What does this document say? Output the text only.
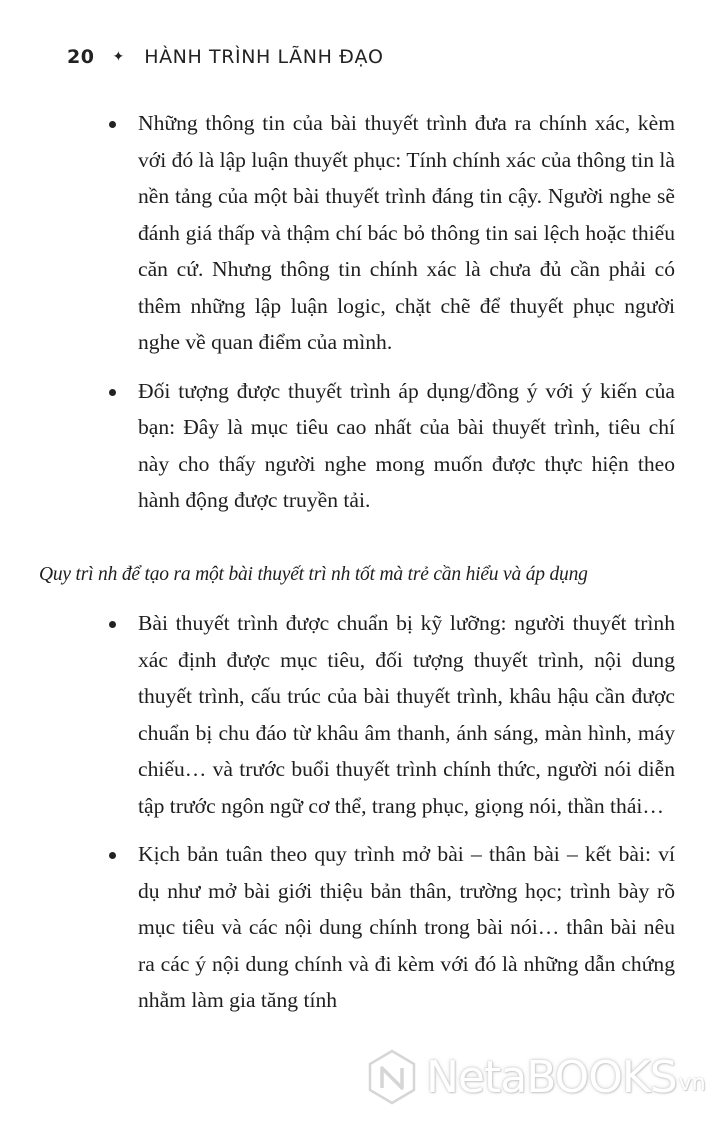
20 ✦ HÀNH TRÌNH LÃNH ĐẠO
Những thông tin của bài thuyết trình đưa ra chính xác, kèm với đó là lập luận thuyết phục: Tính chính xác của thông tin là nền tảng của một bài thuyết trình đáng tin cậy. Người nghe sẽ đánh giá thấp và thậm chí bác bỏ thông tin sai lệch hoặc thiếu căn cứ. Nhưng thông tin chính xác là chưa đủ cần phải có thêm những lập luận logic, chặt chẽ để thuyết phục người nghe về quan điểm của mình.
Đối tượng được thuyết trình áp dụng/đồng ý với ý kiến của bạn: Đây là mục tiêu cao nhất của bài thuyết trình, tiêu chí này cho thấy người nghe mong muốn được thực hiện theo hành động được truyền tải.
Quy trì nh để tạo ra một bài thuyết trì nh tốt mà trẻ cần hiểu và áp dụng
Bài thuyết trình được chuẩn bị kỹ lưỡng: người thuyết trình xác định được mục tiêu, đối tượng thuyết trình, nội dung thuyết trình, cấu trúc của bài thuyết trình, khâu hậu cần được chuẩn bị chu đáo từ khâu âm thanh, ánh sáng, màn hình, máy chiếu… và trước buổi thuyết trình chính thức, người nói diễn tập trước ngôn ngữ cơ thể, trang phục, giọng nói, thần thái…
Kịch bản tuân theo quy trình mở bài – thân bài – kết bài: ví dụ như mở bài giới thiệu bản thân, trường học; trình bày rõ mục tiêu và các nội dung chính trong bài nói… thân bài nêu ra các ý nội dung chính và đi kèm với đó là những dẫn chứng nhằm làm gia tăng tính
NetaBOOKS vn
